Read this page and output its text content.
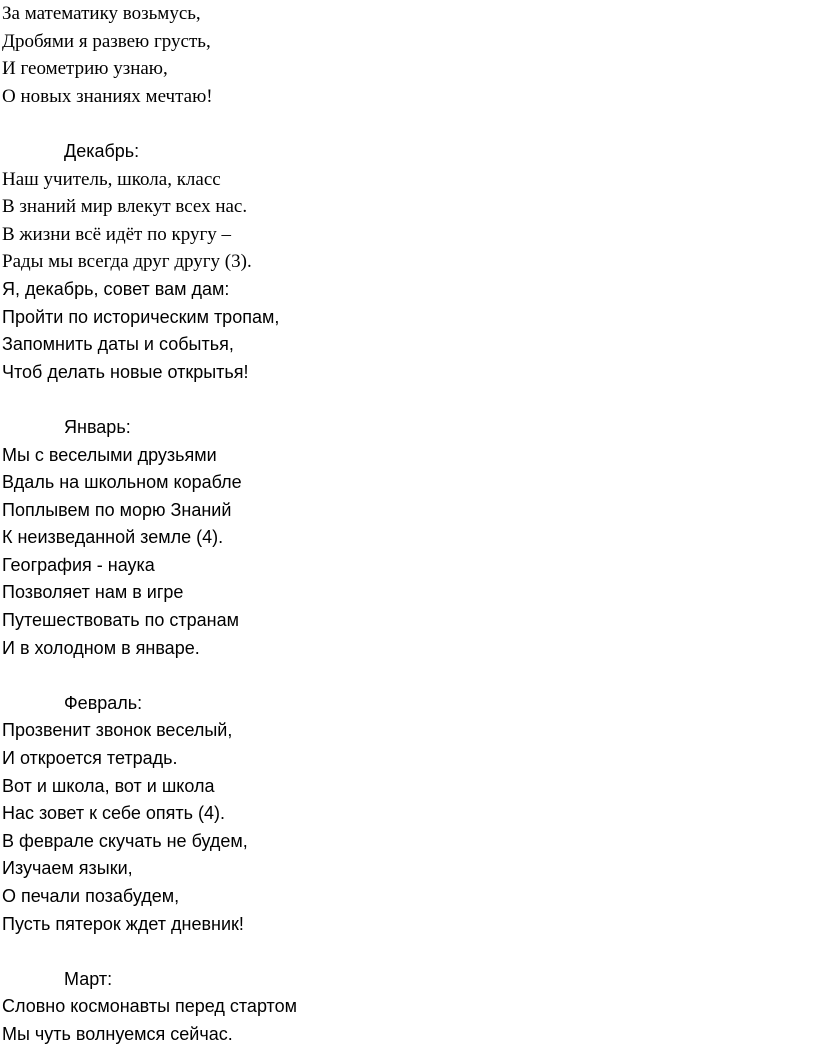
За математику возьмусь,
Дробями я развею грусть,
И геометрию узнаю,
О новых знаниях мечтаю!
Декабрь:
Наш учитель, школа, класс
В знаний мир влекут всех нас.
В жизни всё идёт по кругу –
Рады мы всегда друг другу (3).
Я, декабрь, совет вам дам:
Пройти по историческим тропам,
Запомнить даты и событья,
Чтоб делать новые открытья!
Январь:
Мы с веселыми друзьями
Вдаль на школьном корабле
Поплывем по морю Знаний
К неизведанной земле (4).
География - наука
Позволяет нам в игре
Путешествовать по странам
И в холодном в январе.
Февраль:
Прозвенит звонок веселый,
И откроется тетрадь.
Вот и школа, вот и школа
Нас зовет к себе опять (4).
В феврале скучать не будем,
Изучаем языки,
О печали позабудем,
Пусть пятерок ждет дневник!
Март:
Словно космонавты перед стартом
Мы чуть волнуемся сейчас.
